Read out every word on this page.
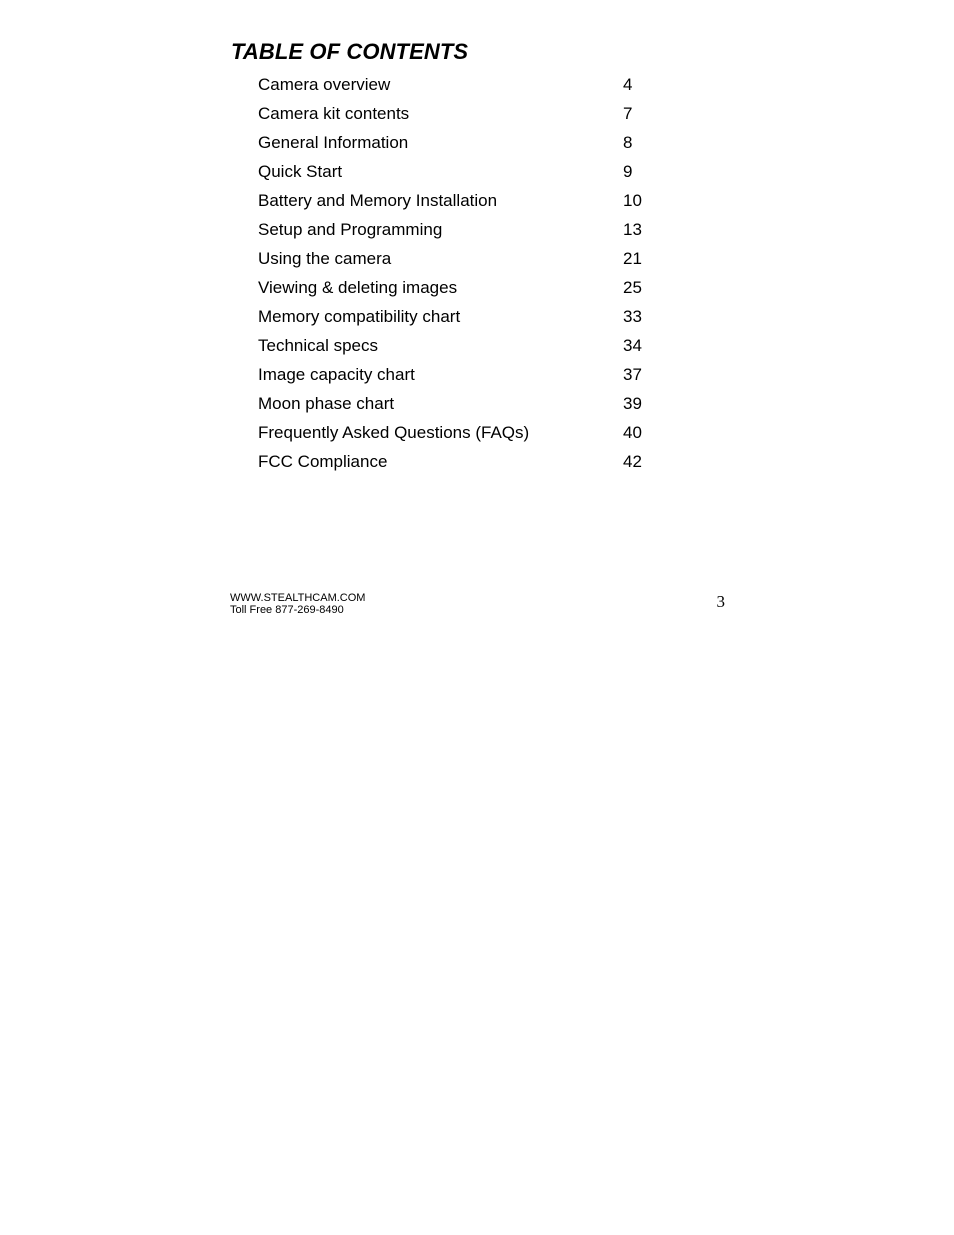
TABLE OF CONTENTS
Camera overview	4
Camera kit contents	7
General Information	8
Quick Start	9
Battery and Memory Installation	10
Setup and Programming	13
Using the camera	21
Viewing & deleting images	25
Memory compatibility chart	33
Technical specs	34
Image capacity chart	37
Moon phase chart	39
Frequently Asked Questions (FAQs)	40
FCC Compliance	42
WWW.STEALTHCAM.COM
Toll Free 877-269-8490	3
